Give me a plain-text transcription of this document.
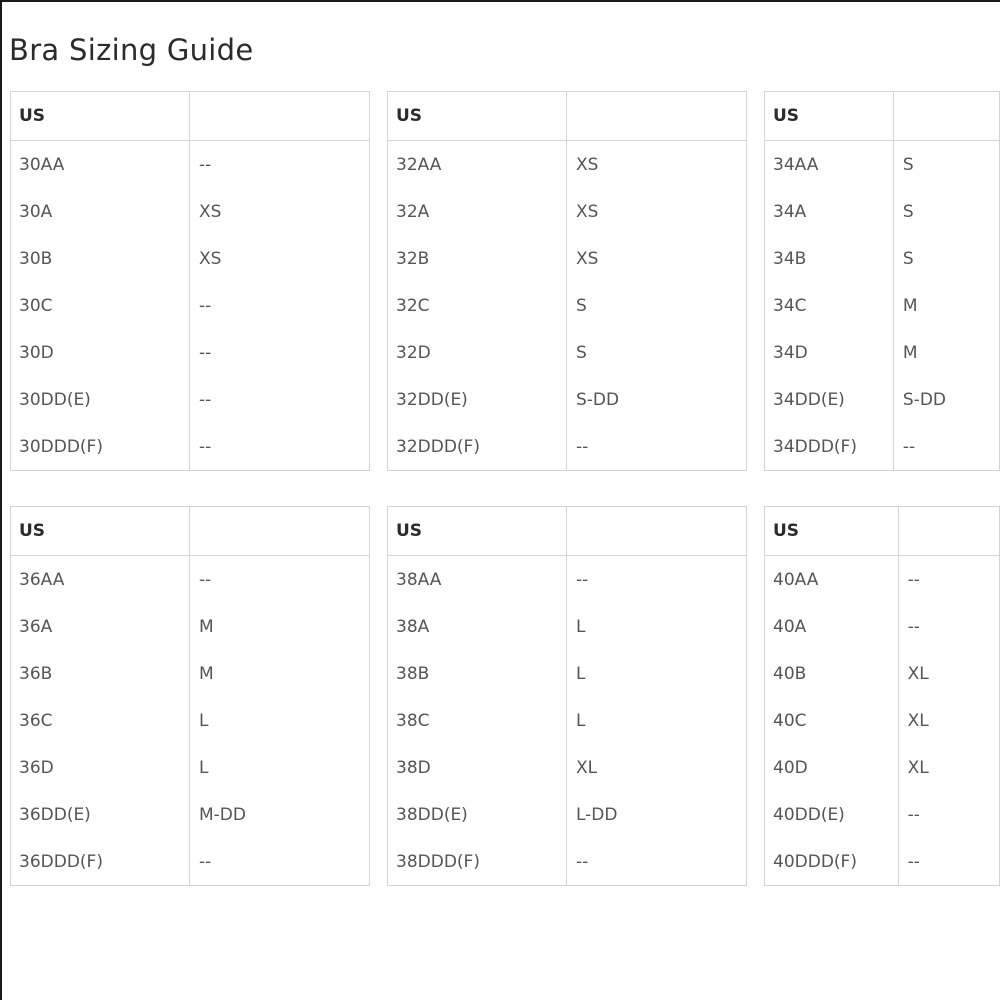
Bra Sizing Guide
US	
30AA	--
30A	XS
30B	XS
30C	--
30D	--
30DD(E)	--
30DDD(F)	--
US	
32AA	XS
32A	XS
32B	XS
32C	S
32D	S
32DD(E)	S-DD
32DDD(F)	--
US	
34AA	S
34A	S
34B	S
34C	M
34D	M
34DD(E)	S-DD
34DDD(F)	--
US	
36AA	--
36A	M
36B	M
36C	L
36D	L
36DD(E)	M-DD
36DDD(F)	--
US	
38AA	--
38A	L
38B	L
38C	L
38D	XL
38DD(E)	L-DD
38DDD(F)	--
US	
40AA	--
40A	--
40B	XL
40C	XL
40D	XL
40DD(E)	--
40DDD(F)	--
